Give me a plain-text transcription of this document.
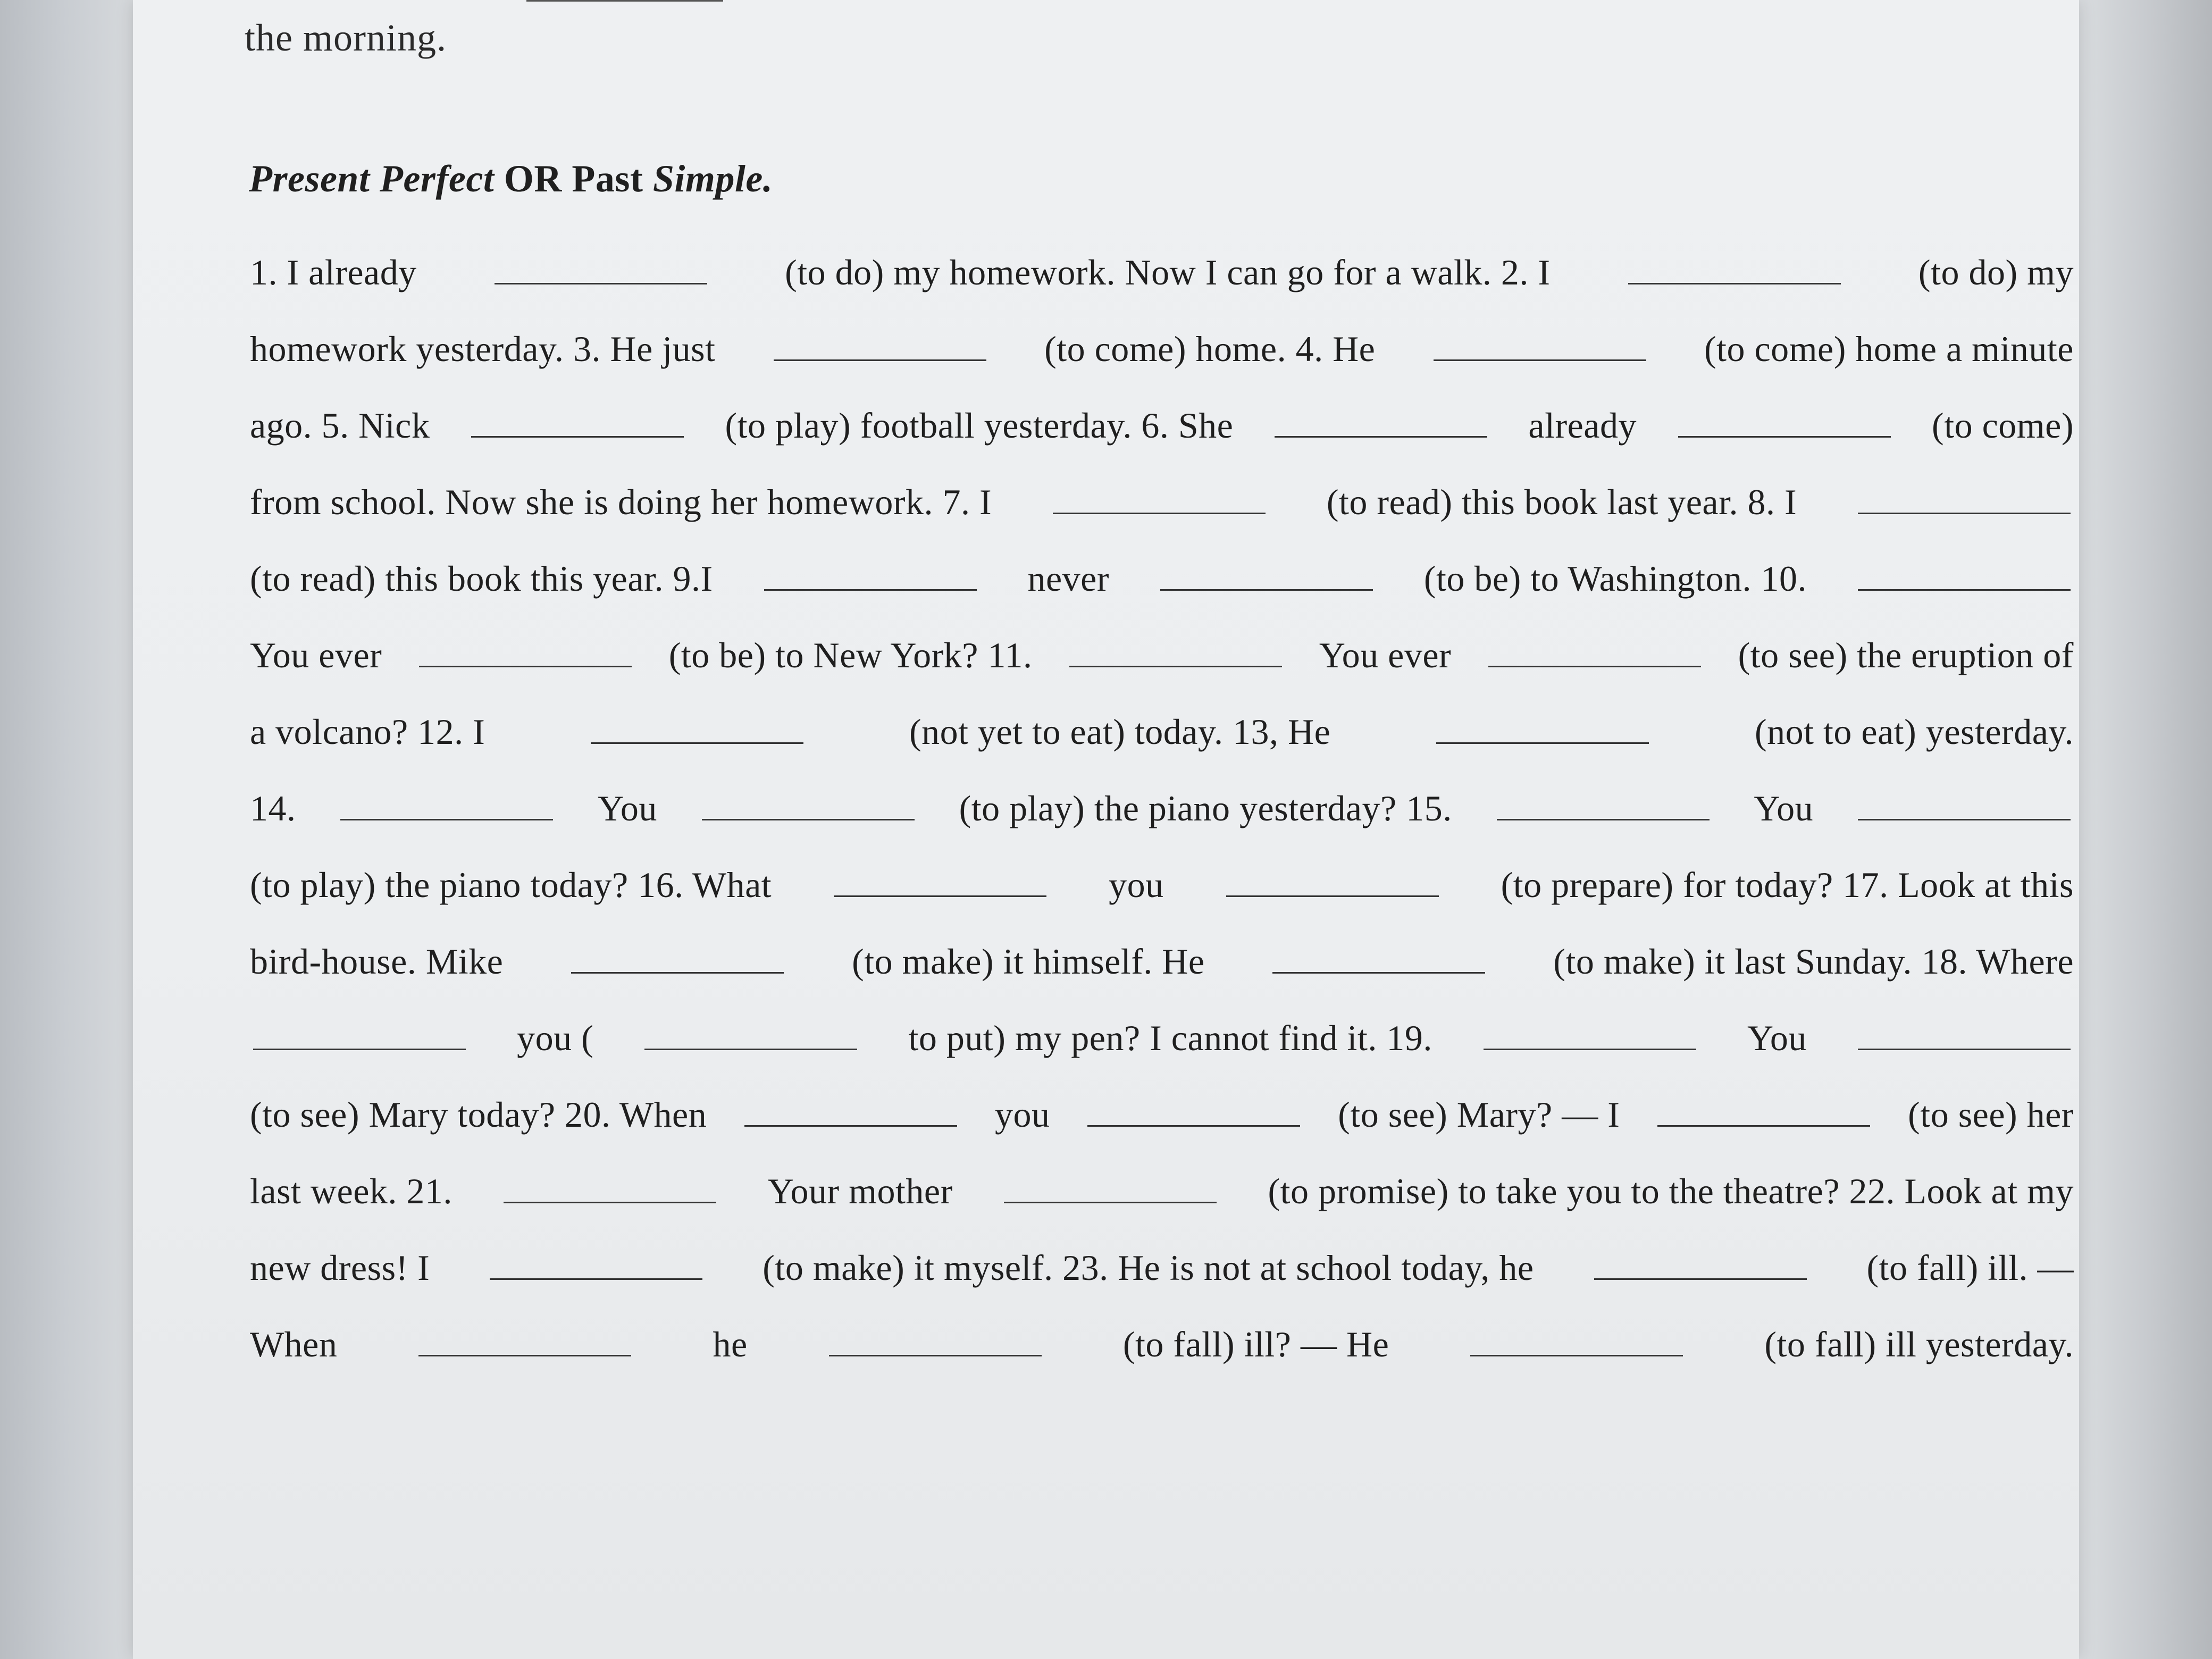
the morning.
Present Perfect OR Past Simple.
1. I already	(to do) my homework. Now I can go for a walk. 2. I	(to do) my
homework yesterday. 3. He just	(to come) home. 4. He	(to come) home a minute
ago. 5. Nick	(to play) football yesterday. 6. She	already	(to come)
from school. Now she is doing her homework. 7. I	(to read) this book last year. 8. I
(to read) this book this year. 9.I	never	(to be) to Washington. 10.
You ever	(to be) to New York? 11.	You ever	(to see) the eruption of
a volcano? 12. I	(not yet to eat) today. 13, He	(not to eat) yesterday.
14.	You	(to play) the piano yesterday? 15.	You
(to play) the piano today? 16. What	you	(to prepare) for today? 17. Look at this
bird-house. Mike	(to make) it himself. He	(to make) it last Sunday. 18. Where
you (	to put) my pen? I cannot find it. 19.	You
(to see) Mary today? 20. When	you	(to see) Mary? — I	(to see) her
last week. 21.	Your mother	(to promise) to take you to the theatre? 22. Look at my
new dress! I	(to make) it myself. 23. He is not at school today, he	(to fall) ill. —
When	he	(to fall) ill? — He	(to fall) ill yesterday.
